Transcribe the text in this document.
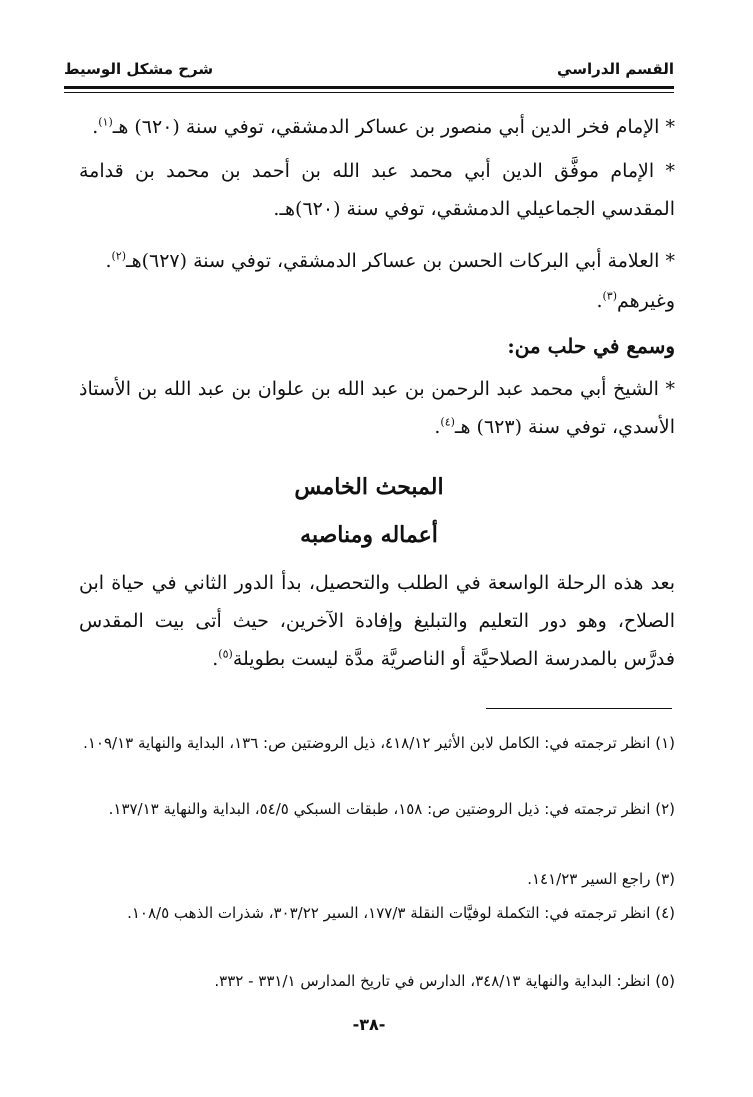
القسم الدراسي
شرح مشكل الوسيط
* الإمام فخر الدين أبي منصور بن عساكر الدمشقي، توفي سنة (٦٢٠) هـ$^{(١)}$.
* الإمام موفَّق الدين أبي محمد عبد الله بن أحمد بن محمد بن قدامة المقدسي الجماعيلي الدمشقي، توفي سنة (٦٢٠)هـ.
* العلامة أبي البركات الحسن بن عساكر الدمشقي، توفي سنة (٦٢٧)هـ$^{(٢)}$.
وغيرهم$^{(٣)}$.
وسمع في حلب من:
* الشيخ أبي محمد عبد الرحمن بن عبد الله بن علوان بن عبد الله بن الأستاذ الأسدي، توفي سنة (٦٢٣) هـ$^{(٤)}$.
المبحث الخامس
أعماله ومناصبه
بعد هذه الرحلة الواسعة في الطلب والتحصيل، بدأ الدور الثاني في حياة ابن الصلاح، وهو دور التعليم والتبليغ وإفادة الآخرين، حيث أتى بيت المقدس فدرَّس بالمدرسة الصلاحيَّة أو الناصريَّة مدَّة ليست بطويلة$^{(٥)}$.
(١) انظر ترجمته في: الكامل لابن الأثير ٤١٨/١٢، ذيل الروضتين ص: ١٣٦، البداية والنهاية ١٠٩/١٣.
(٢) انظر ترجمته في: ذيل الروضتين ص: ١٥٨، طبقات السبكي ٥٤/٥، البداية والنهاية ١٣٧/١٣.
(٣) راجع السير ١٤١/٢٣.
(٤) انظر ترجمته في: التكملة لوفيَّات النقلة ١٧٧/٣، السير ٣٠٣/٢٢، شذرات الذهب ١٠٨/٥.
(٥) انظر: البداية والنهاية ٣٤٨/١٣، الدارس في تاريخ المدارس ٣٣١/١ - ٣٣٢.
-٣٨-
